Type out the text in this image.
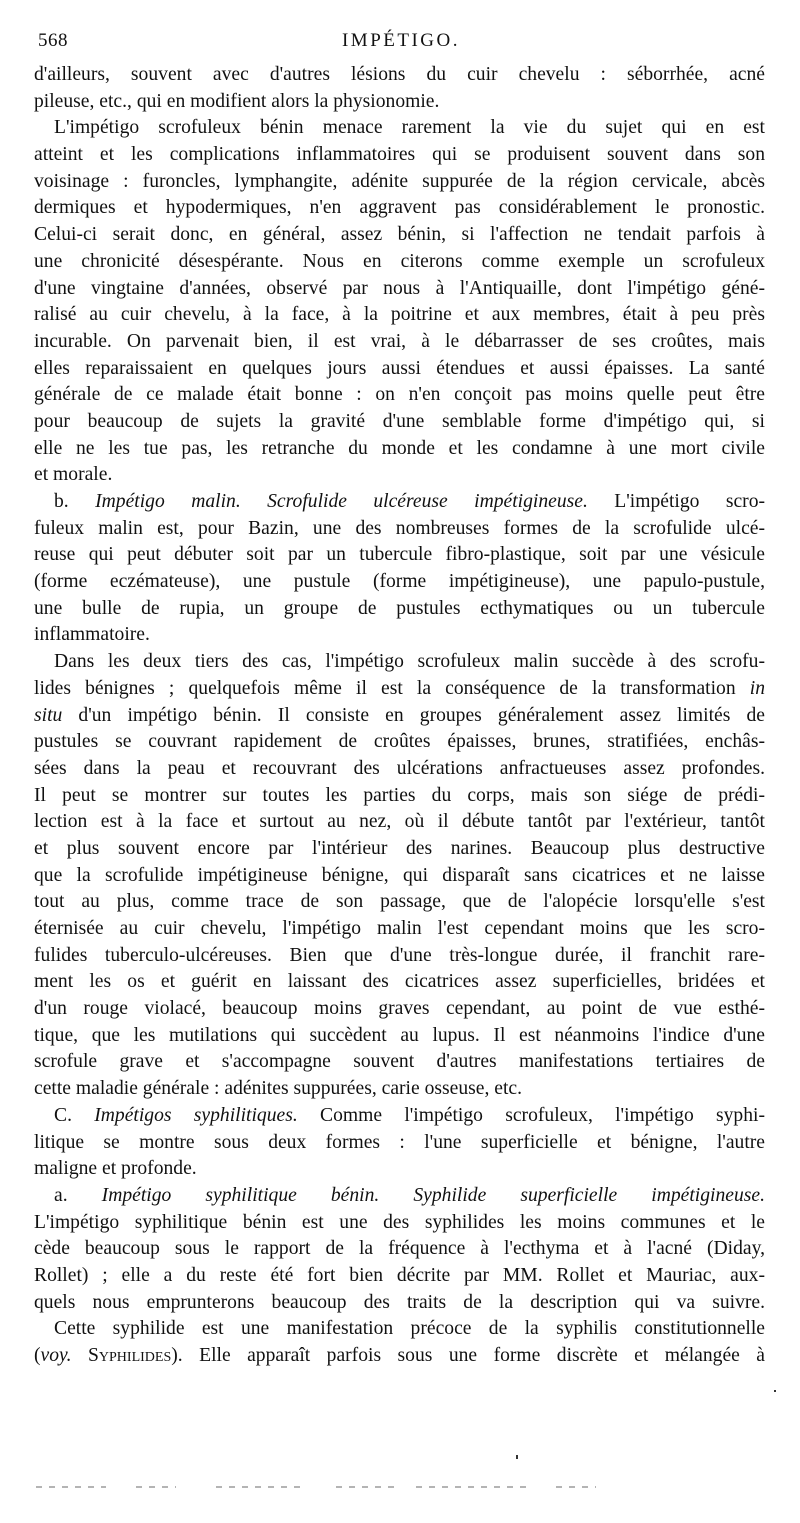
568	IMPÉTIGO.
d'ailleurs, souvent avec d'autres lésions du cuir chevelu : séborrhée, acné
pileuse, etc., qui en modifient alors la physionomie.
L'impétigo scrofuleux bénin menace rarement la vie du sujet qui en est
atteint et les complications inflammatoires qui se produisent souvent dans son
voisinage : furoncles, lymphangite, adénite suppurée de la région cervicale, abcès
dermiques et hypodermiques, n'en aggravent pas considérablement le pronostic.
Celui-ci serait donc, en général, assez bénin, si l'affection ne tendait parfois à
une chronicité désespérante. Nous en citerons comme exemple un scrofuleux
d'une vingtaine d'années, observé par nous à l'Antiquaille, dont l'impétigo géné-
ralisé au cuir chevelu, à la face, à la poitrine et aux membres, était à peu près
incurable. On parvenait bien, il est vrai, à le débarrasser de ses croûtes, mais
elles reparaissaient en quelques jours aussi étendues et aussi épaisses. La santé
générale de ce malade était bonne : on n'en conçoit pas moins quelle peut être
pour beaucoup de sujets la gravité d'une semblable forme d'impétigo qui, si
elle ne les tue pas, les retranche du monde et les condamne à une mort civile
et morale.
b. Impétigo malin. Scrofulide ulcéreuse impétigineuse. L'impétigo scro-
fuleux malin est, pour Bazin, une des nombreuses formes de la scrofulide ulcé-
reuse qui peut débuter soit par un tubercule fibro-plastique, soit par une vésicule
(forme eczémateuse), une pustule (forme impétigineuse), une papulo-pustule,
une bulle de rupia, un groupe de pustules ecthymatiques ou un tubercule
inflammatoire.
Dans les deux tiers des cas, l'impétigo scrofuleux malin succède à des scrofu-
lides bénignes ; quelquefois même il est la conséquence de la transformation in
situ d'un impétigo bénin. Il consiste en groupes généralement assez limités de
pustules se couvrant rapidement de croûtes épaisses, brunes, stratifiées, enchâs-
sées dans la peau et recouvrant des ulcérations anfractueuses assez profondes.
Il peut se montrer sur toutes les parties du corps, mais son siége de prédi-
lection est à la face et surtout au nez, où il débute tantôt par l'extérieur, tantôt
et plus souvent encore par l'intérieur des narines. Beaucoup plus destructive
que la scrofulide impétigineuse bénigne, qui disparaît sans cicatrices et ne laisse
tout au plus, comme trace de son passage, que de l'alopécie lorsqu'elle s'est
éternisée au cuir chevelu, l'impétigo malin l'est cependant moins que les scro-
fulides tuberculo-ulcéreuses. Bien que d'une très-longue durée, il franchit rare-
ment les os et guérit en laissant des cicatrices assez superficielles, bridées et
d'un rouge violacé, beaucoup moins graves cependant, au point de vue esthé-
tique, que les mutilations qui succèdent au lupus. Il est néanmoins l'indice d'une
scrofule grave et s'accompagne souvent d'autres manifestations tertiaires de
cette maladie générale : adénites suppurées, carie osseuse, etc.
C. Impétigos syphilitiques. Comme l'impétigo scrofuleux, l'impétigo syphi-
litique se montre sous deux formes : l'une superficielle et bénigne, l'autre
maligne et profonde.
a. Impétigo syphilitique bénin. Syphilide superficielle impétigineuse.
L'impétigo syphilitique bénin est une des syphilides les moins communes et le
cède beaucoup sous le rapport de la fréquence à l'ecthyma et à l'acné (Diday,
Rollet) ; elle a du reste été fort bien décrite par MM. Rollet et Mauriac, aux-
quels nous emprunterons beaucoup des traits de la description qui va suivre.
Cette syphilide est une manifestation précoce de la syphilis constitutionnelle
(voy. Syphilides). Elle apparaît parfois sous une forme discrète et mélangée à
